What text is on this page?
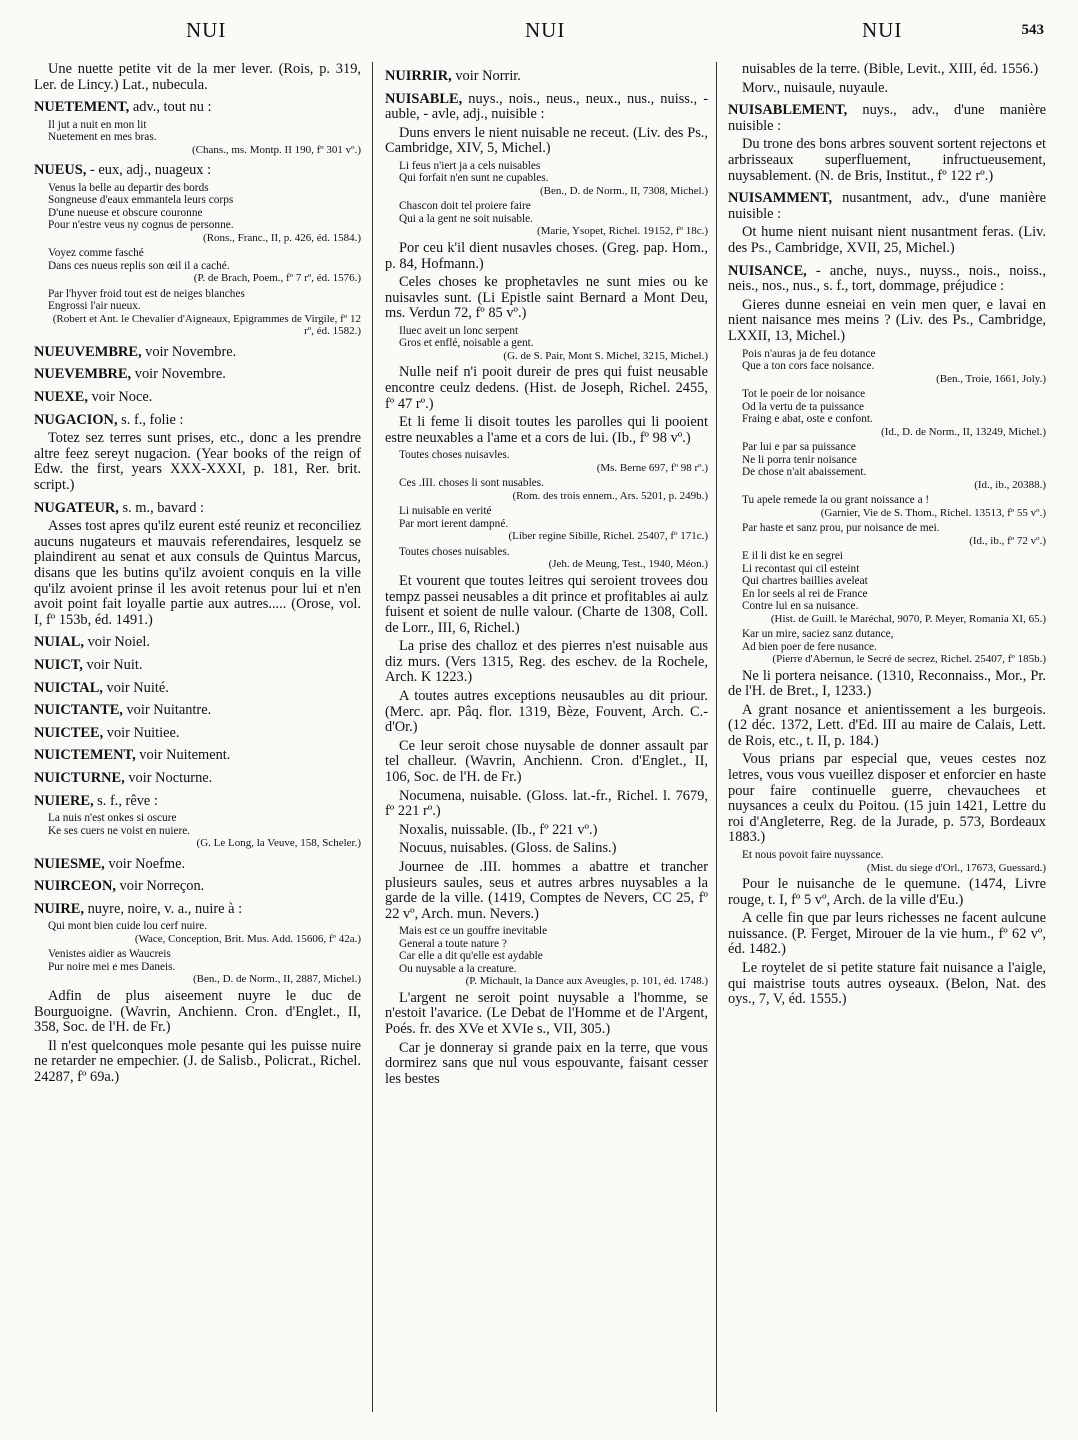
NUI	NUI	NUI	543
Une nuette petite vit de la mer lever. (Rois, p. 319, Ler. de Lincy.) Lat., nubecula.
NUETEMENT, adv., tout nu :
Il jut a nuit en mon lit
Nuetement en mes bras.
(Chans., ms. Montp. II 190, fº 301 vº.)
NUEUS, - eux, adj., nuageux :
Venus la belle au departir des bords
Songneuse d'eaux emmantela leurs corps
D'une nueuse et obscure couronne
Pour n'estre veus ny cognus de personne.
(Rons., Franc., II, p. 426, éd. 1584.)
Voyez comme fasché
Dans ces nueus replis son œil il a caché.
(P. de Brach, Poem., fº 7 rº, éd. 1576.)
Par l'hyver froid tout est de neiges blanches
Engrossi l'air nueux.
(Robert et Ant. le Chevalier d'Aigneaux, Epigrammes de Virgile, fº 12 rº, éd. 1582.)
NUEUVEMBRE, voir Novembre.
NUEVEMBRE, voir Novembre.
NUEXE, voir Noce.
NUGACION, s. f., folie :
Totez sez terres sunt prises, etc., donc a les prendre altre feez sereyt nugacion. (Year books of the reign of Edw. the first, years XXX-XXXI, p. 181, Rer. brit. script.)
NUGATEUR, s. m., bavard :
Asses tost apres qu'ilz eurent esté reuniz et reconciliez aucuns nugateurs et mauvais referendaires, lesquelz se plaindirent au senat et aux consuls de Quintus Marcus, disans que les butins qu'ilz avoient conquis en la ville qu'ilz avoient prinse il les avoit retenus pour lui et n'en avoit point fait loyalle partie aux autres..... (Orose, vol. I, fº 153b, éd. 1491.)
NUIAL, voir Noiel.
NUICT, voir Nuit.
NUICTAL, voir Nuité.
NUICTANTE, voir Nuitantre.
NUICTEE, voir Nuitiee.
NUICTEMENT, voir Nuitement.
NUICTURNE, voir Nocturne.
NUIERE, s. f., rêve :
La nuis n'est onkes si oscure
Ke ses cuers ne voist en nuiere.
(G. Le Long, la Veuve, 158, Scheler.)
NUIESME, voir Noefme.
NUIRCEON, voir Norreçon.
NUIRE, nuyre, noire, v. a., nuire à :
Qui mont bien cuide lou cerf nuire.
(Wace, Conception, Brit. Mus. Add. 15606, fº 42a.)
Venistes aidier as Waucreis
Pur noire mei e mes Daneis.
(Ben., D. de Norm., II, 2887, Michel.)
Adfin de plus aiseement nuyre le duc de Bourguoigne. (Wavrin, Anchienn. Cron. d'Englet., II, 358, Soc. de l'H. de Fr.)
Il n'est quelconques mole pesante qui les puisse nuire ne retarder ne empechier. (J. de Salisb., Policrat., Richel. 24287, fº 69a.)
NUIRRIR, voir Norrir.
NUISABLE, nuys., nois., neus., neux., nus., nuiss., - auble, - avle, adj., nuisible :
Duns envers le nient nuisable ne receut. (Liv. des Ps., Cambridge, XIV, 5, Michel.)
Li feus n'iert ja a cels nuisables
Qui forfait n'en sunt ne cupables.
(Ben., D. de Norm., II, 7308, Michel.)
Chascon doit tel proiere faire
Qui a la gent ne soit nuisable.
(Marie, Ysopet, Richel. 19152, fº 18c.)
Por ceu k'il dient nusavles choses. (Greg. pap. Hom., p. 84, Hofmann.)
Celes choses ke prophetavles ne sunt mies ou ke nuisavles sunt. (Li Epistle saint Bernard a Mont Deu, ms. Verdun 72, fº 85 vº.)
Iluec aveit un lonc serpent
Gros et enflé, noisable a gent.
(G. de S. Pair, Mont S. Michel, 3215, Michel.)
Nulle neif n'i pooit dureir de pres qui fuist neusable encontre ceulz dedens. (Hist. de Joseph, Richel. 2455, fº 47 rº.)
Et li feme li disoit toutes les parolles qui li pooient estre neuxables a l'ame et a cors de lui. (Ib., fº 98 vº.)
Toutes choses nuisavles.
(Ms. Berne 697, fº 98 rº.)
Ces .III. choses li sont nusables.
(Rom. des trois ennem., Ars. 5201, p. 249b.)
Li nuisable en verité
Par mort ierent dampné.
(Liber regine Sibille, Richel. 25407, fº 171c.)
Toutes choses nuisables.
(Jeh. de Meung, Test., 1940, Méon.)
Et vourent que toutes leitres qui seroient trovees dou tempz passei neusables a dit prince et profitables ai aulz fuisent et soient de nulle valour. (Charte de 1308, Coll. de Lorr., III, 6, Richel.)
La prise des challoz et des pierres n'est nuisable aus diz murs. (Vers 1315, Reg. des eschev. de la Rochele, Arch. K 1223.)
A toutes autres exceptions neusaubles au dit priour. (Merc. apr. Pâq. flor. 1319, Bèze, Fouvent, Arch. C.-d'Or.)
Ce leur seroit chose nuysable de donner assault par tel challeur. (Wavrin, Anchienn. Cron. d'Englet., II, 106, Soc. de l'H. de Fr.)
Nocumena, nuisable. (Gloss. lat.-fr., Richel. l. 7679, fº 221 rº.)
Noxalis, nuissable. (Ib., fº 221 vº.)
Nocuus, nuisables. (Gloss. de Salins.)
Journee de .III. hommes a abattre et trancher plusieurs saules, seus et autres arbres nuysables a la garde de la ville. (1419, Comptes de Nevers, CC 25, fº 22 vº, Arch. mun. Nevers.)
Mais est ce un gouffre inevitable
General a toute nature ?
Car elle a dit qu'elle est aydable
Ou nuysable a la creature.
(P. Michault, la Dance aux Aveugles, p. 101, éd. 1748.)
L'argent ne seroit point nuysable a l'homme, se n'estoit l'avarice. (Le Debat de l'Homme et de l'Argent, Poés. fr. des XVe et XVIe s., VII, 305.)
Car je donneray si grande paix en la terre, que vous dormirez sans que nul vous espouvante, faisant cesser les bestes
nuisables de la terre. (Bible, Levit., XIII, éd. 1556.)
Morv., nuisaule, nuyaule.
NUISABLEMENT, nuys., adv., d'une manière nuisible :
Du trone des bons arbres souvent sortent rejectons et arbrisseaux superfluement, infructueusement, nuysablement. (N. de Bris, Institut., fº 122 rº.)
NUISAMMENT, nusantment, adv., d'une manière nuisible :
Ot hume nient nuisant nient nusantment feras. (Liv. des Ps., Cambridge, XVII, 25, Michel.)
NUISANCE, - anche, nuys., nuyss., nois., noiss., neis., nos., nus., s. f., tort, dommage, préjudice :
Gieres dunne esneiai en vein men quer, e lavai en nient naisance mes meins ? (Liv. des Ps., Cambridge, LXXII, 13, Michel.)
Pois n'auras ja de feu dotance
Que a ton cors face noisance.
(Ben., Troie, 1661, Joly.)
Tot le poeir de lor noisance
Od la vertu de ta puissance
Fraing e abat, oste e confont.
(Id., D. de Norm., II, 13249, Michel.)
Par lui e par sa puissance
Ne li porra tenir noisance
De chose n'ait abaissement.
(Id., ib., 20388.)
Tu apele remede la ou grant noissance a !
(Garnier, Vie de S. Thom., Richel. 13513, fº 55 vº.)
Par haste et sanz prou, pur noisance de mei.
(Id., ib., fº 72 vº.)
E il li dist ke en segrei
Li recontast qui cil esteint
Qui chartres baillies aveleat
En lor seels al rei de France
Contre lui en sa nuisance.
(Hist. de Guill. le Maréchal, 9070, P. Meyer, Romania XI, 65.)
Kar un mire, saciez sanz dutance,
Ad bien poer de fere nusance.
(Pierre d'Abernun, le Secré de secrez, Richel. 25407, fº 185b.)
Ne li portera neisance. (1310, Reconnaiss., Mor., Pr. de l'H. de Bret., I, 1233.)
A grant nosance et anientissement a les burgeois. (12 déc. 1372, Lett. d'Ed. III au maire de Calais, Lett. de Rois, etc., t. II, p. 184.)
Vous prians par especial que, veues cestes noz letres, vous vous vueillez disposer et enforcier en haste pour faire continuelle guerre, chevauchees et nuysances a ceulx du Poitou. (15 juin 1421, Lettre du roi d'Angleterre, Reg. de la Jurade, p. 573, Bordeaux 1883.)
Et nous povoit faire nuyssance.
(Mist. du siege d'Orl., 17673, Guessard.)
Pour le nuisanche de le quemune. (1474, Livre rouge, t. I, fº 5 vº, Arch. de la ville d'Eu.)
A celle fin que par leurs richesses ne facent aulcune nuissance. (P. Ferget, Mirouer de la vie hum., fº 62 vº, éd. 1482.)
Le roytelet de si petite stature fait nuisance a l'aigle, qui maistrise touts autres oyseaux. (Belon, Nat. des oys., 7, V, éd. 1555.)
